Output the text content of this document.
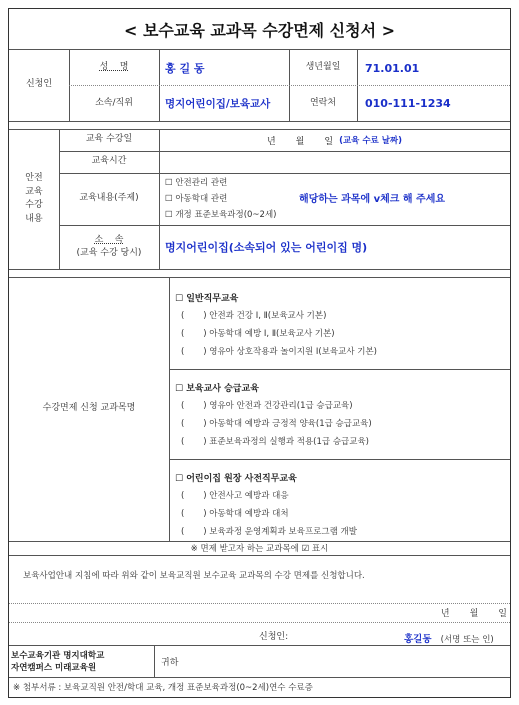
< 보수교육 교과목 수강면제 신청서 >
신청인
성    명	홍 길 동	생년월일	71.01.01
소속/직위	명지어린이집/보육교사	연락처	010-111-1234
안전
교육
수강
내용
교육 수강일	년       월       일 (교육 수료 날짜)
교육시간
교육내용(주제)
☐ 안전관리 관련
☐ 아동학대 관련
☐ 개정 표준보육과정(0~2세)
해당하는 과목에 v체크 해 주세요
소    속
(교육 수강 당시) 명지어린이집(소속되어 있는 어린이집 명)
수강면제 신청 교과목명
☐ 일반직무교육
(       ) 안전과 건강 Ⅰ, Ⅱ(보육교사 기본)
(       ) 아동학대 예방 Ⅰ, Ⅱ(보육교사 기본)
(       ) 영유아 상호작용과 놀이지원 Ⅰ(보육교사 기본)
☐ 보육교사 승급교육
(       ) 영유아 안전과 건강관리(1급 승급교육)
(       ) 아동학대 예방과 긍정적 양육(1급 승급교육)
(       ) 표준보육과정의 실행과 적용(1급 승급교육)
☐ 어린이집 원장 사전직무교육
(       ) 안전사고 예방과 대응
(       ) 아동학대 예방과 대처
(       ) 보육과정 운영계획과 보육프로그램 개발
※ 면제 받고자 하는 교과목에 ☑ 표시
보육사업안내 지침에 따라 위와 같이 보육교직원 보수교육 교과목의 수강 면제를 신청합니다.
년       월       일
신청인:	홍길동 (서명 또는 인)
보수교육기관 명지대학교
자연캠퍼스 미래교육원	귀하
※ 첨부서류 : 보육교직원 안전/학대 교육, 개정 표준보육과정(0~2세)연수 수료증
